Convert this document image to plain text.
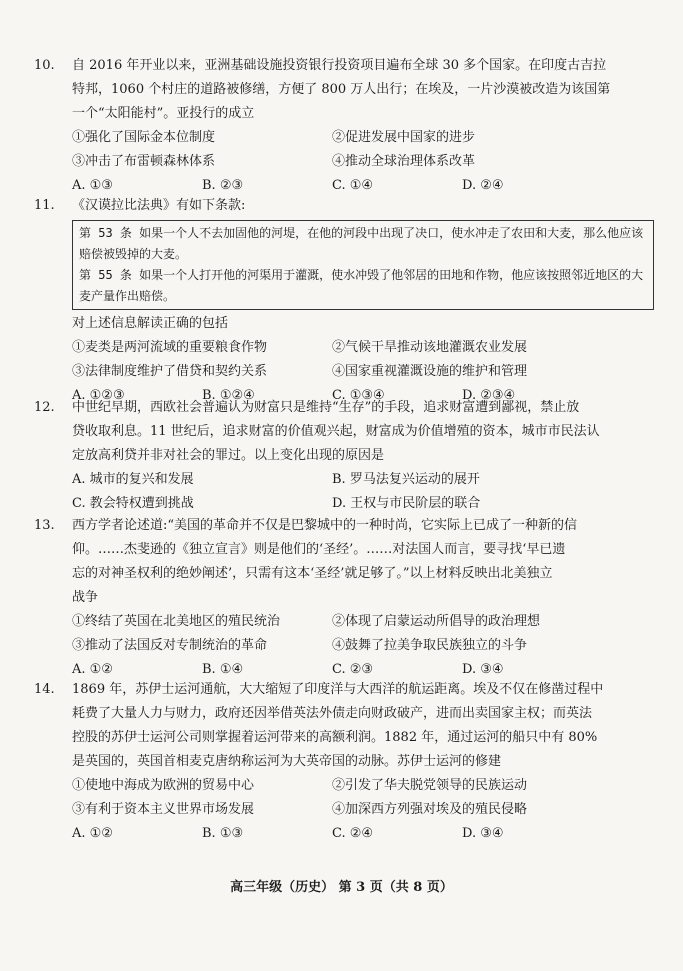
10. 自 2016 年开业以来，亚洲基础设施投资银行投资项目遍布全球 30 多个国家。在印度古吉拉
特邦，1060 个村庄的道路被修缮，方便了 800 万人出行；在埃及，一片沙漠被改造为该国第
一个“太阳能村”。亚投行的成立
①强化了国际金本位制度	②促进发展中国家的进步
③冲击了布雷顿森林体系	④推动全球治理体系改革
A. ①③	B. ②③	C. ①④	D. ②④
11. 《汉谟拉比法典》有如下条款:
第 53 条 如果一个人不去加固他的河堤，在他的河段中出现了决口，使水冲走了农田和大麦，那么他应该赔偿被毁掉的大麦。
第 55 条 如果一个人打开他的河渠用于灌溉，使水冲毁了他邻居的田地和作物，他应该按照邻近地区的大麦产量作出赔偿。
对上述信息解读正确的包括
①麦类是两河流域的重要粮食作物	②气候干旱推动该地灌溉农业发展
③法律制度维护了借贷和契约关系	④国家重视灌溉设施的维护和管理
A. ①②③	B. ①②④	C. ①③④	D. ②③④
12. 中世纪早期，西欧社会普遍认为财富只是维持“生存”的手段，追求财富遭到鄙视，禁止放
贷收取利息。11 世纪后，追求财富的价值观兴起，财富成为价值增殖的资本，城市市民法认
定放高利贷并非对社会的罪过。以上变化出现的原因是
A. 城市的复兴和发展	B. 罗马法复兴运动的展开
C. 教会特权遭到挑战	D. 王权与市民阶层的联合
13. 西方学者论述道:“美国的革命并不仅是巴黎城中的一种时尚，它实际上已成了一种新的信
仰。……杰斐逊的《独立宣言》则是他们的‘圣经’。……对法国人而言，要寻找‘早已遗
忘的对神圣权利的绝妙阐述’，只需有这本‘圣经’就足够了。”以上材料反映出北美独立
战争
①终结了英国在北美地区的殖民统治	②体现了启蒙运动所倡导的政治理想
③推动了法国反对专制统治的革命	④鼓舞了拉美争取民族独立的斗争
A. ①②	B. ①④	C. ②③	D. ③④
14. 1869 年，苏伊士运河通航，大大缩短了印度洋与大西洋的航运距离。埃及不仅在修凿过程中
耗费了大量人力与财力，政府还因举借英法外债走向财政破产，进而出卖国家主权；而英法
控股的苏伊士运河公司则掌握着运河带来的高额利润。1882 年，通过运河的船只中有 80%
是英国的，英国首相麦克唐纳称运河为大英帝国的动脉。苏伊士运河的修建
①使地中海成为欧洲的贸易中心	②引发了华夫脱党领导的民族运动
③有利于资本主义世界市场发展	④加深西方列强对埃及的殖民侵略
A. ①②	B. ①③	C. ②④	D. ③④
高三年级（历史） 第 3 页（共 8 页）
